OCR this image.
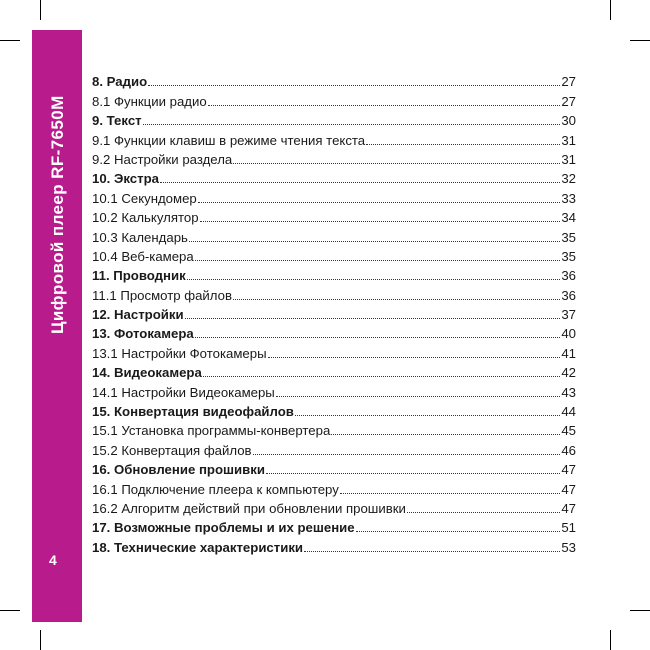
Цифровой плеер RF-7650M
4
8. Радио	27
8.1 Функции радио	27
9. Текст	30
9.1 Функции клавиш в режиме чтения текста	31
9.2 Настройки раздела	31
10. Экстра	32
10.1 Секундомер	33
10.2 Калькулятор	34
10.3 Календарь	35
10.4 Веб-камера	35
11. Проводник	36
11.1 Просмотр файлов	36
12. Настройки	37
13. Фотокамера	40
13.1 Настройки Фотокамеры	41
14. Видеокамера	42
14.1 Настройки Видеокамеры	43
15. Конвертация видеофайлов	44
15.1 Установка программы-конвертера	45
15.2 Конвертация файлов	46
16. Обновление прошивки	47
16.1 Подключение плеера к компьютеру	47
16.2 Алгоритм действий при обновлении прошивки	47
17. Возможные проблемы и их решение	51
18. Технические характеристики	53
